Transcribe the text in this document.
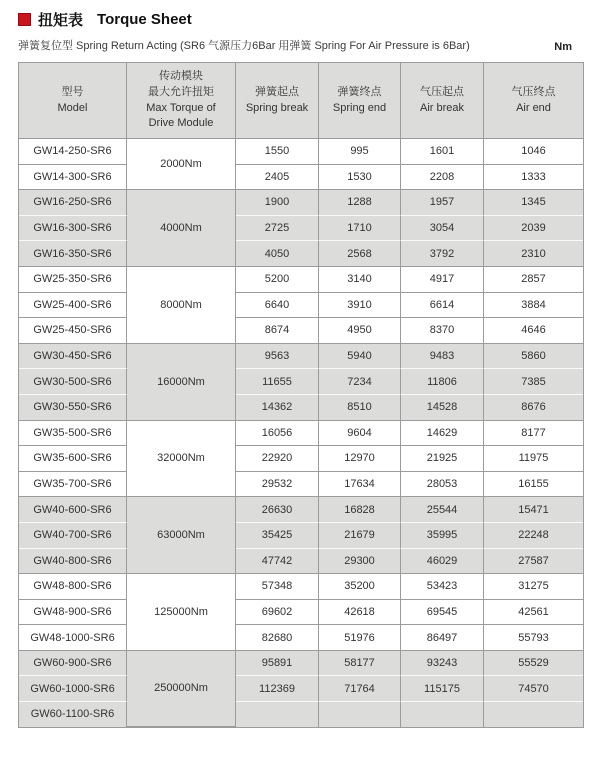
扭矩表 Torque Sheet
弹簧复位型 Spring Return Acting (SR6 气源压力6Bar 用弹簧 Spring For Air Pressure is 6Bar)	Nm
型号
Model

传动模块
最大允许扭矩
Max Torque of
Drive Module

弹簧起点
Spring break

弹簧终点
Spring end

气压起点
Air break

气压终点
Air end

GW14-250-SR6	2000Nm	1550	995	1601	1046
GW14-300-SR6		2405	1530	2208	1333
GW16-250-SR6	4000Nm	1900	1288	1957	1345
GW16-300-SR6		2725	1710	3054	2039
GW16-350-SR6		4050	2568	3792	2310
GW25-350-SR6	8000Nm	5200	3140	4917	2857
GW25-400-SR6		6640	3910	6614	3884
GW25-450-SR6		8674	4950	8370	4646
GW30-450-SR6	16000Nm	9563	5940	9483	5860
GW30-500-SR6		11655	7234	11806	7385
GW30-550-SR6		14362	8510	14528	8676
GW35-500-SR6	32000Nm	16056	9604	14629	8177
GW35-600-SR6		22920	12970	21925	11975
GW35-700-SR6		29532	17634	28053	16155
GW40-600-SR6	63000Nm	26630	16828	25544	15471
GW40-700-SR6		35425	21679	35995	22248
GW40-800-SR6		47742	29300	46029	27587
GW48-800-SR6	125000Nm	57348	35200	53423	31275
GW48-900-SR6		69602	42618	69545	42561
GW48-1000-SR6		82680	51976	86497	55793
GW60-900-SR6	250000Nm	95891	58177	93243	55529
GW60-1000-SR6		112369	71764	115175	74570
GW60-1100-SR6					
